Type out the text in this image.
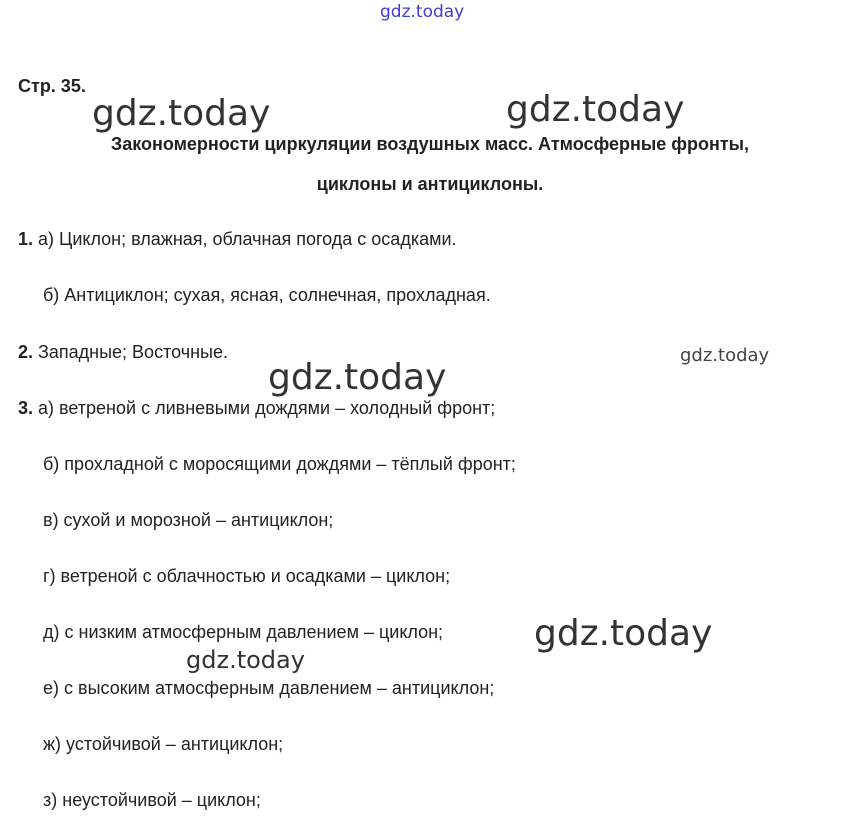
gdz.today
Стр. 35.
gdz.today	gdz.today
Закономерности циркуляции воздушных масс. Атмосферные фронты,
циклоны и антициклоны.
1. а) Циклон; влажная, облачная погода с осадками.
б) Антициклон; сухая, ясная, солнечная, прохладная.
2. Западные; Восточные.	gdz.today
gdz.today
3. а) ветреной с ливневыми дождями – холодный фронт;
б) прохладной с моросящими дождями – тёплый фронт;
в) сухой и морозной – антициклон;
г) ветреной с облачностью и осадками – циклон;
д) с низким атмосферным давлением – циклон;	gdz.today
gdz.today
е) с высоким атмосферным давлением – антициклон;
ж) устойчивой – антициклон;
з) неустойчивой – циклон;
